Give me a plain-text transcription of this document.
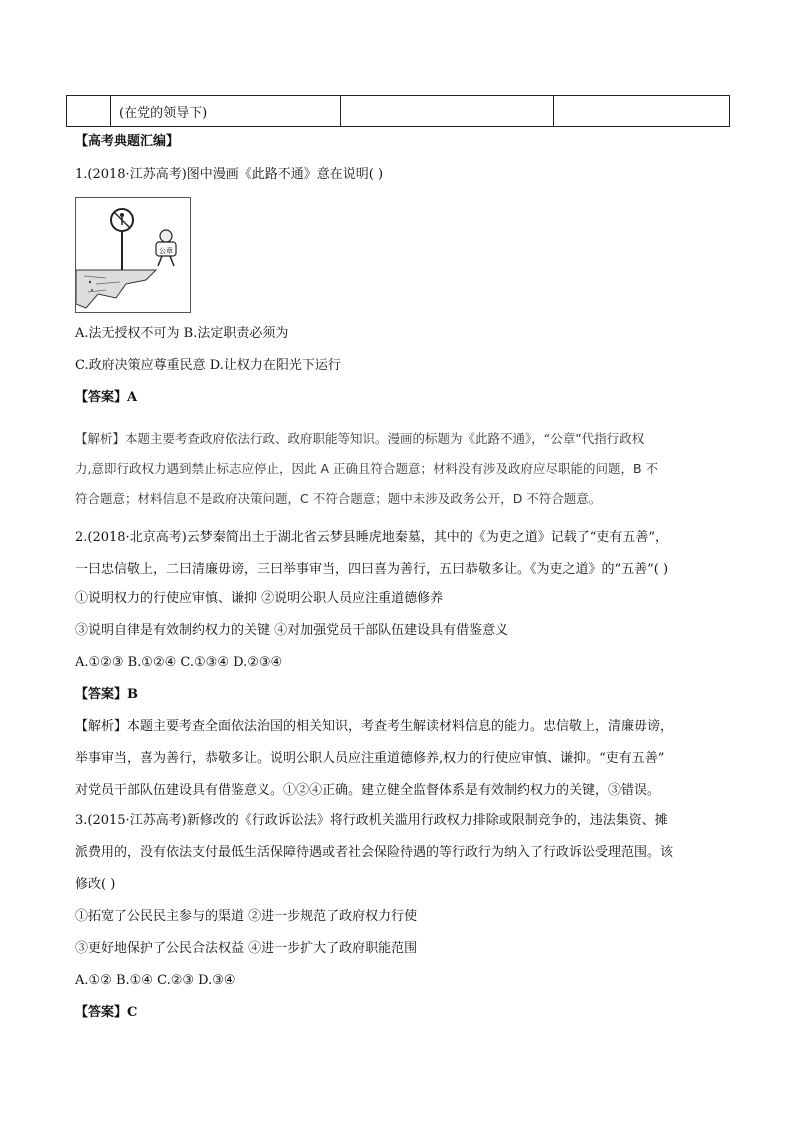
(在党的领导下)
【高考典题汇编】
1.(2018·江苏高考)图中漫画《此路不通》意在说明( )
公章
A.法无授权不可为 B.法定职责必须为
C.政府决策应尊重民意 D.让权力在阳光下运行
【答案】A
【解析】本题主要考查政府依法行政、政府职能等知识。漫画的标题为《此路不通》，“公章”代指行政权
力,意即行政权力遇到禁止标志应停止，因此 A 正确且符合题意；材料没有涉及政府应尽职能的问题，B 不
符合题意；材料信息不是政府决策问题，C 不符合题意；题中未涉及政务公开，D 不符合题意。
2.(2018·北京高考)云梦秦简出土于湖北省云梦县睡虎地秦墓，其中的《为吏之道》记载了“吏有五善”，
一曰忠信敬上，二曰清廉毋谤，三曰举事审当，四曰喜为善行，五曰恭敬多让。《为吏之道》的“五善”( )
①说明权力的行使应审慎、谦抑 ②说明公职人员应注重道德修养
③说明自律是有效制约权力的关键 ④对加强党员干部队伍建设具有借鉴意义
A.①②③ B.①②④ C.①③④ D.②③④
【答案】B
【解析】本题主要考查全面依法治国的相关知识，考查考生解读材料信息的能力。忠信敬上，清廉毋谤，
举事审当，喜为善行，恭敬多让。说明公职人员应注重道德修养,权力的行使应审慎、谦抑。“吏有五善”
对党员干部队伍建设具有借鉴意义。①②④正确。建立健全监督体系是有效制约权力的关键，③错误。
3.(2015·江苏高考)新修改的《行政诉讼法》将行政机关滥用行政权力排除或限制竞争的，违法集资、摊
派费用的，没有依法支付最低生活保障待遇或者社会保险待遇的等行政行为纳入了行政诉讼受理范围。该
修改( )
①拓宽了公民民主参与的渠道 ②进一步规范了政府权力行使
③更好地保护了公民合法权益 ④进一步扩大了政府职能范围
A.①② B.①④ C.②③ D.③④
【答案】C
